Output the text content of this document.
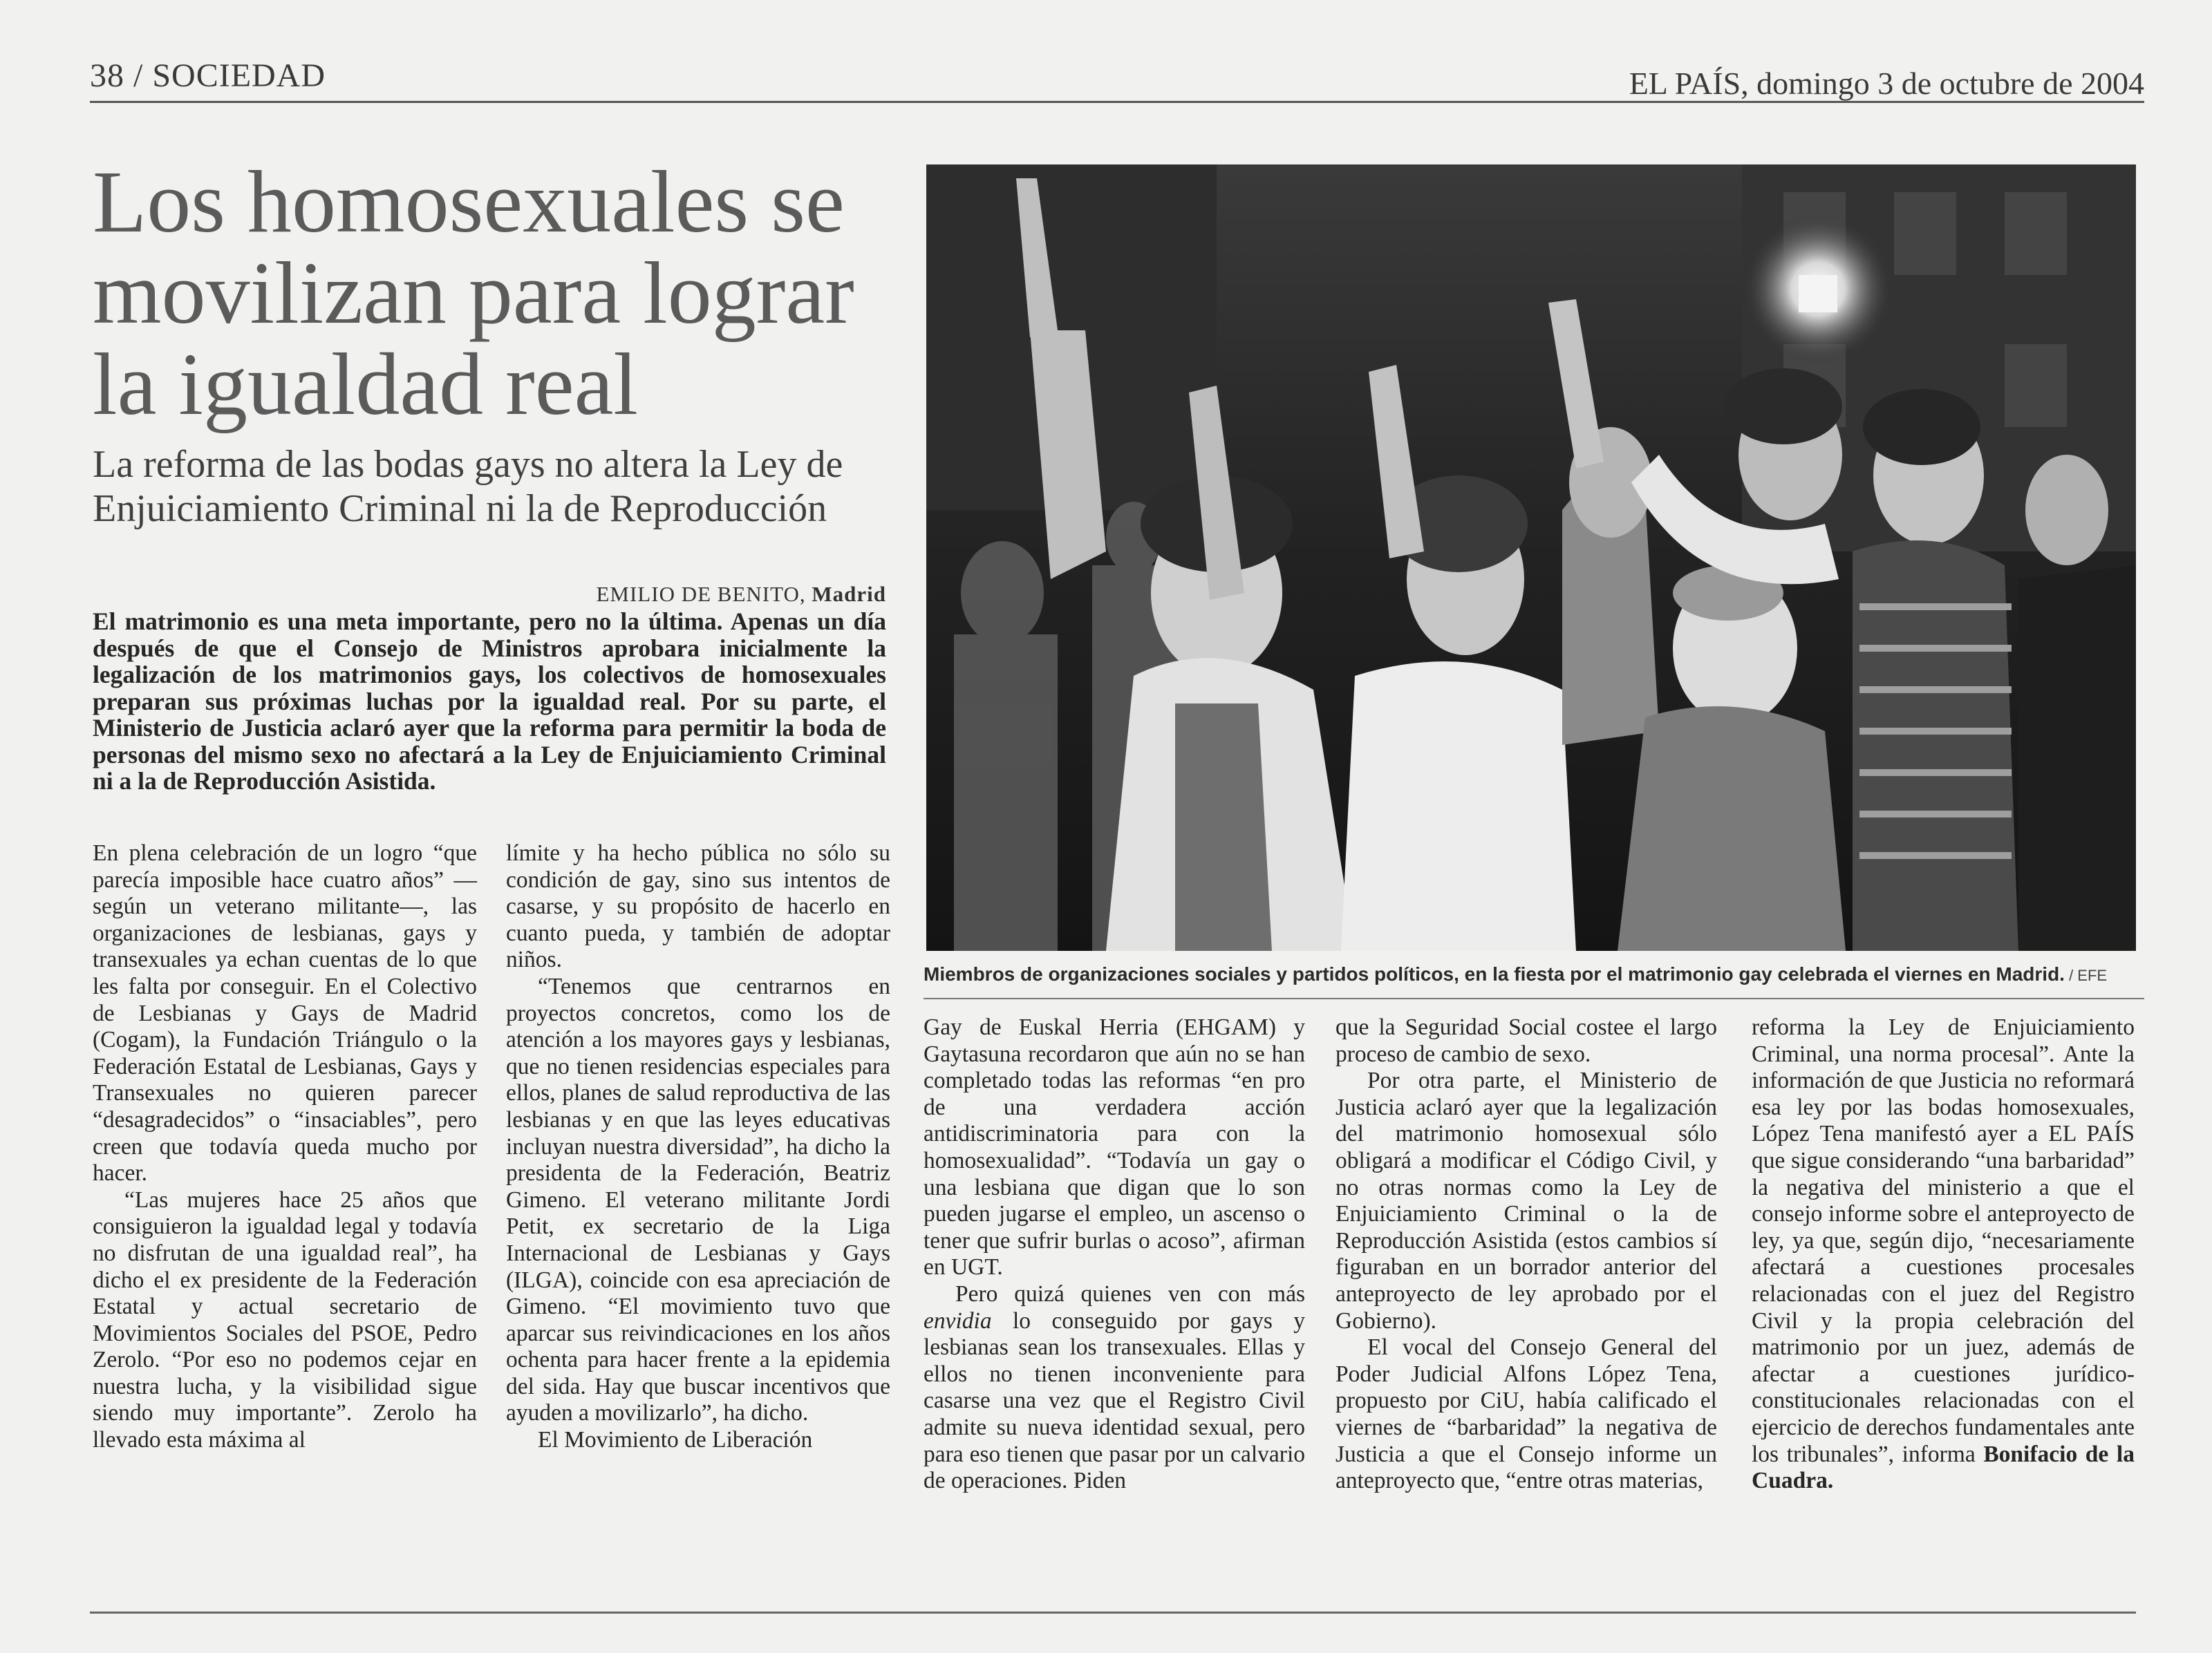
38 / SOCIEDAD	EL PAÍS, domingo 3 de octubre de 2004
Los homosexuales se movilizan para lograr la igualdad real
La reforma de las bodas gays no altera la Ley de Enjuiciamiento Criminal ni la de Reproducción
EMILIO DE BENITO, Madrid

El matrimonio es una meta importante, pero no la última. Apenas un día después de que el Consejo de Ministros aprobara inicialmente la legalización de los matrimonios gays, los colectivos de homosexuales preparan sus próximas luchas por la igualdad real. Por su parte, el Ministerio de Justicia aclaró ayer que la reforma para permitir la boda de personas del mismo sexo no afectará a la Ley de Enjuiciamiento Criminal ni a la de Reproducción Asistida.

Miembros de organizaciones sociales y partidos políticos, en la fiesta por el matrimonio gay celebrada el viernes en Madrid. / EFE

En plena celebración de un logro “que parecía imposible hace cuatro años” —según un veterano militante—, las organizaciones de lesbianas, gays y transexuales ya echan cuentas de lo que les falta por conseguir. En el Colectivo de Lesbianas y Gays de Madrid (Cogam), la Fundación Triángulo o la Federación Estatal de Lesbianas, Gays y Transexuales no quieren parecer “desagradecidos” o “insaciables”, pero creen que todavía queda mucho por hacer.

“Las mujeres hace 25 años que consiguieron la igualdad legal y todavía no disfrutan de una igualdad real”, ha dicho el ex presidente de la Federación Estatal y actual secretario de Movimientos Sociales del PSOE, Pedro Zerolo. “Por eso no podemos cejar en nuestra lucha, y la visibilidad sigue siendo muy importante”. Zerolo ha llevado esta máxima al

límite y ha hecho pública no sólo su condición de gay, sino sus intentos de casarse, y su propósito de hacerlo en cuanto pueda, y también de adoptar niños.

“Tenemos que centrarnos en proyectos concretos, como los de atención a los mayores gays y lesbianas, que no tienen residencias especiales para ellos, planes de salud reproductiva de las lesbianas y en que las leyes educativas incluyan nuestra diversidad”, ha dicho la presidenta de la Federación, Beatriz Gimeno. El veterano militante Jordi Petit, ex secretario de la Liga Internacional de Lesbianas y Gays (ILGA), coincide con esa apreciación de Gimeno. “El movimiento tuvo que aparcar sus reivindicaciones en los años ochenta para hacer frente a la epidemia del sida. Hay que buscar incentivos que ayuden a movilizarlo”, ha dicho.

El Movimiento de Liberación

Gay de Euskal Herria (EHGAM) y Gaytasuna recordaron que aún no se han completado todas las reformas “en pro de una verdadera acción antidiscriminatoria para con la homosexualidad”. “Todavía un gay o una lesbiana que digan que lo son pueden jugarse el empleo, un ascenso o tener que sufrir burlas o acoso”, afirman en UGT.

Pero quizá quienes ven con más envidia lo conseguido por gays y lesbianas sean los transexuales. Ellas y ellos no tienen inconveniente para casarse una vez que el Registro Civil admite su nueva identidad sexual, pero para eso tienen que pasar por un calvario de operaciones. Piden

que la Seguridad Social costee el largo proceso de cambio de sexo.

Por otra parte, el Ministerio de Justicia aclaró ayer que la legalización del matrimonio homosexual sólo obligará a modificar el Código Civil, y no otras normas como la Ley de Enjuiciamiento Criminal o la de Reproducción Asistida (estos cambios sí figuraban en un borrador anterior del anteproyecto de ley aprobado por el Gobierno).

El vocal del Consejo General del Poder Judicial Alfons López Tena, propuesto por CiU, había calificado el viernes de “barbaridad” la negativa de Justicia a que el Consejo informe un anteproyecto que, “entre otras materias,

reforma la Ley de Enjuiciamiento Criminal, una norma procesal”. Ante la información de que Justicia no reformará esa ley por las bodas homosexuales, López Tena manifestó ayer a EL PAÍS que sigue considerando “una barbaridad” la negativa del ministerio a que el consejo informe sobre el anteproyecto de ley, ya que, según dijo, “necesariamente afectará a cuestiones procesales relacionadas con el juez del Registro Civil y la propia celebración del matrimonio por un juez, además de afectar a cuestiones jurídico-constitucionales relacionadas con el ejercicio de derechos fundamentales ante los tribunales”, informa Bonifacio de la Cuadra.
